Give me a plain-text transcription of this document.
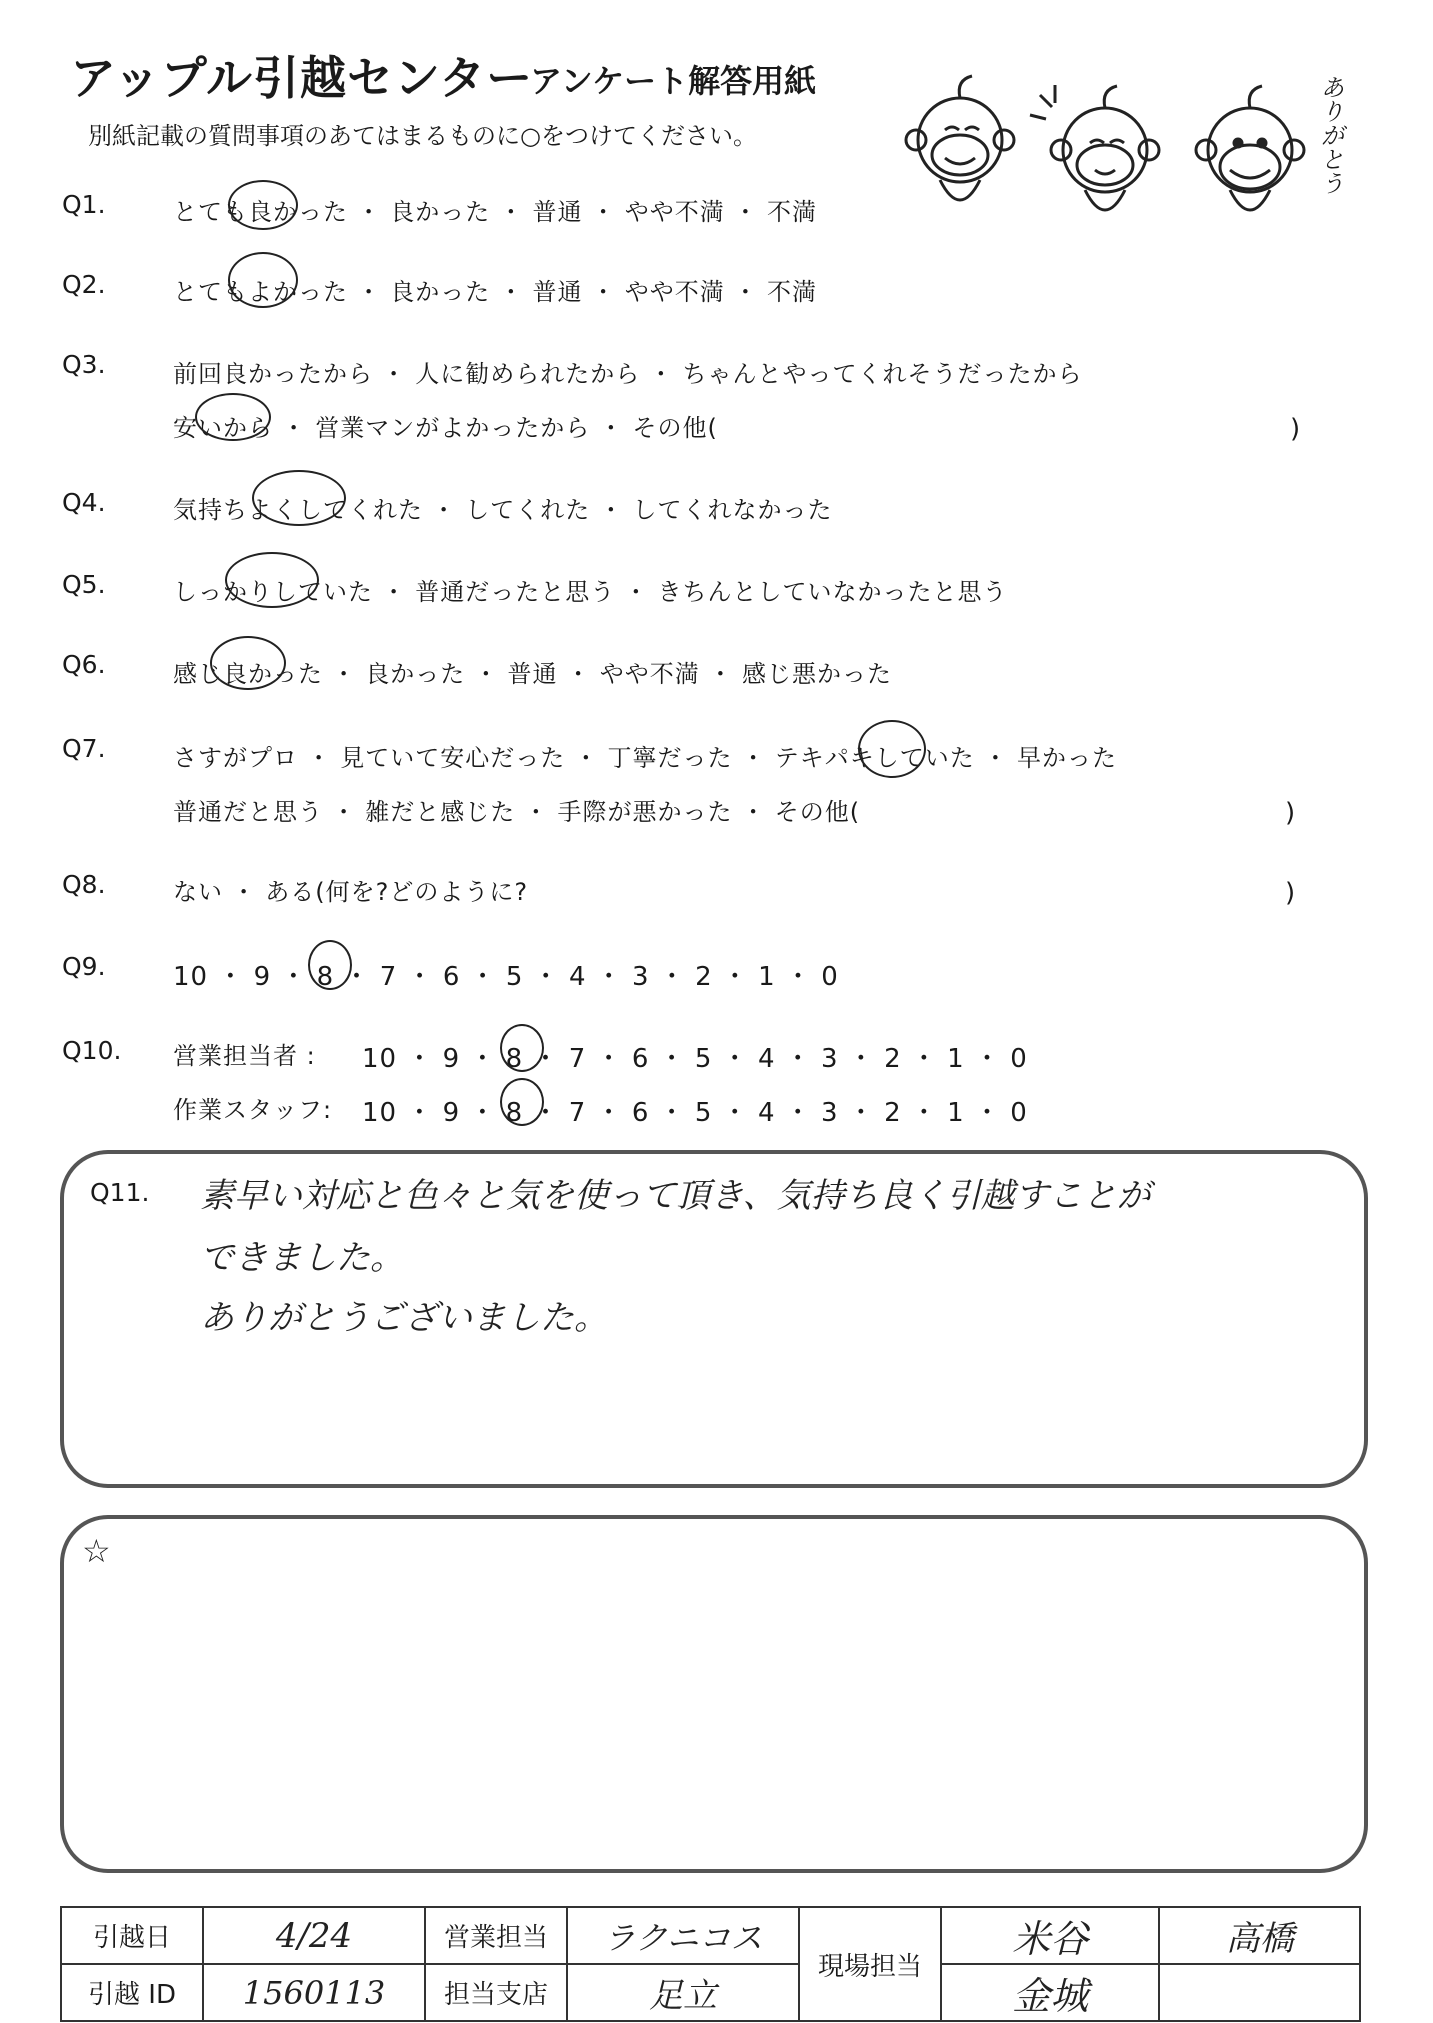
アップル引越センター
アンケート解答用紙
別紙記載の質問事項のあてはまるものに○をつけてください。	ありがとう
Q1.	とても良かった ・ 良かった ・ 普通 ・ やや不満 ・ 不満
Q2.	とてもよかった ・ 良かった ・ 普通 ・ やや不満 ・ 不満
Q3.	前回良かったから ・ 人に勧められたから ・ ちゃんとやってくれそうだったから
安いから ・ 営業マンがよかったから ・ その他(	)
Q4.	気持ちよくしてくれた ・ してくれた ・ してくれなかった
Q5.	しっかりしていた ・ 普通だったと思う ・ きちんとしていなかったと思う
Q6.	感じ良かった ・ 良かった ・ 普通 ・ やや不満 ・ 感じ悪かった
Q7.	さすがプロ ・ 見ていて安心だった ・ 丁寧だった ・ テキパキしていた ・ 早かった
普通だと思う ・ 雑だと感じた ・ 手際が悪かった ・ その他(	)
Q8.	ない ・ ある(何を?どのように?	)
Q9.	10 ・ 9 ・ 8 ・ 7 ・ 6 ・ 5 ・ 4 ・ 3 ・ 2 ・ 1 ・ 0
Q10. 営業担当者 : 10 ・ 9 ・ 8 ・ 7 ・ 6 ・ 5 ・ 4 ・ 3 ・ 2 ・ 1 ・ 0
作業スタッフ: 10 ・ 9 ・ 8 ・ 7 ・ 6 ・ 5 ・ 4 ・ 3 ・ 2 ・ 1 ・ 0
Q11. 素早い対応と色々と気を使って頂き、気持ち良く引越すことが
できました。
ありがとうございました。
☆
引越日	4/24	営業担当	ラクニコス	現場担当	米谷	高橋
引越 ID	1560113	担当支店	足立		金城	
